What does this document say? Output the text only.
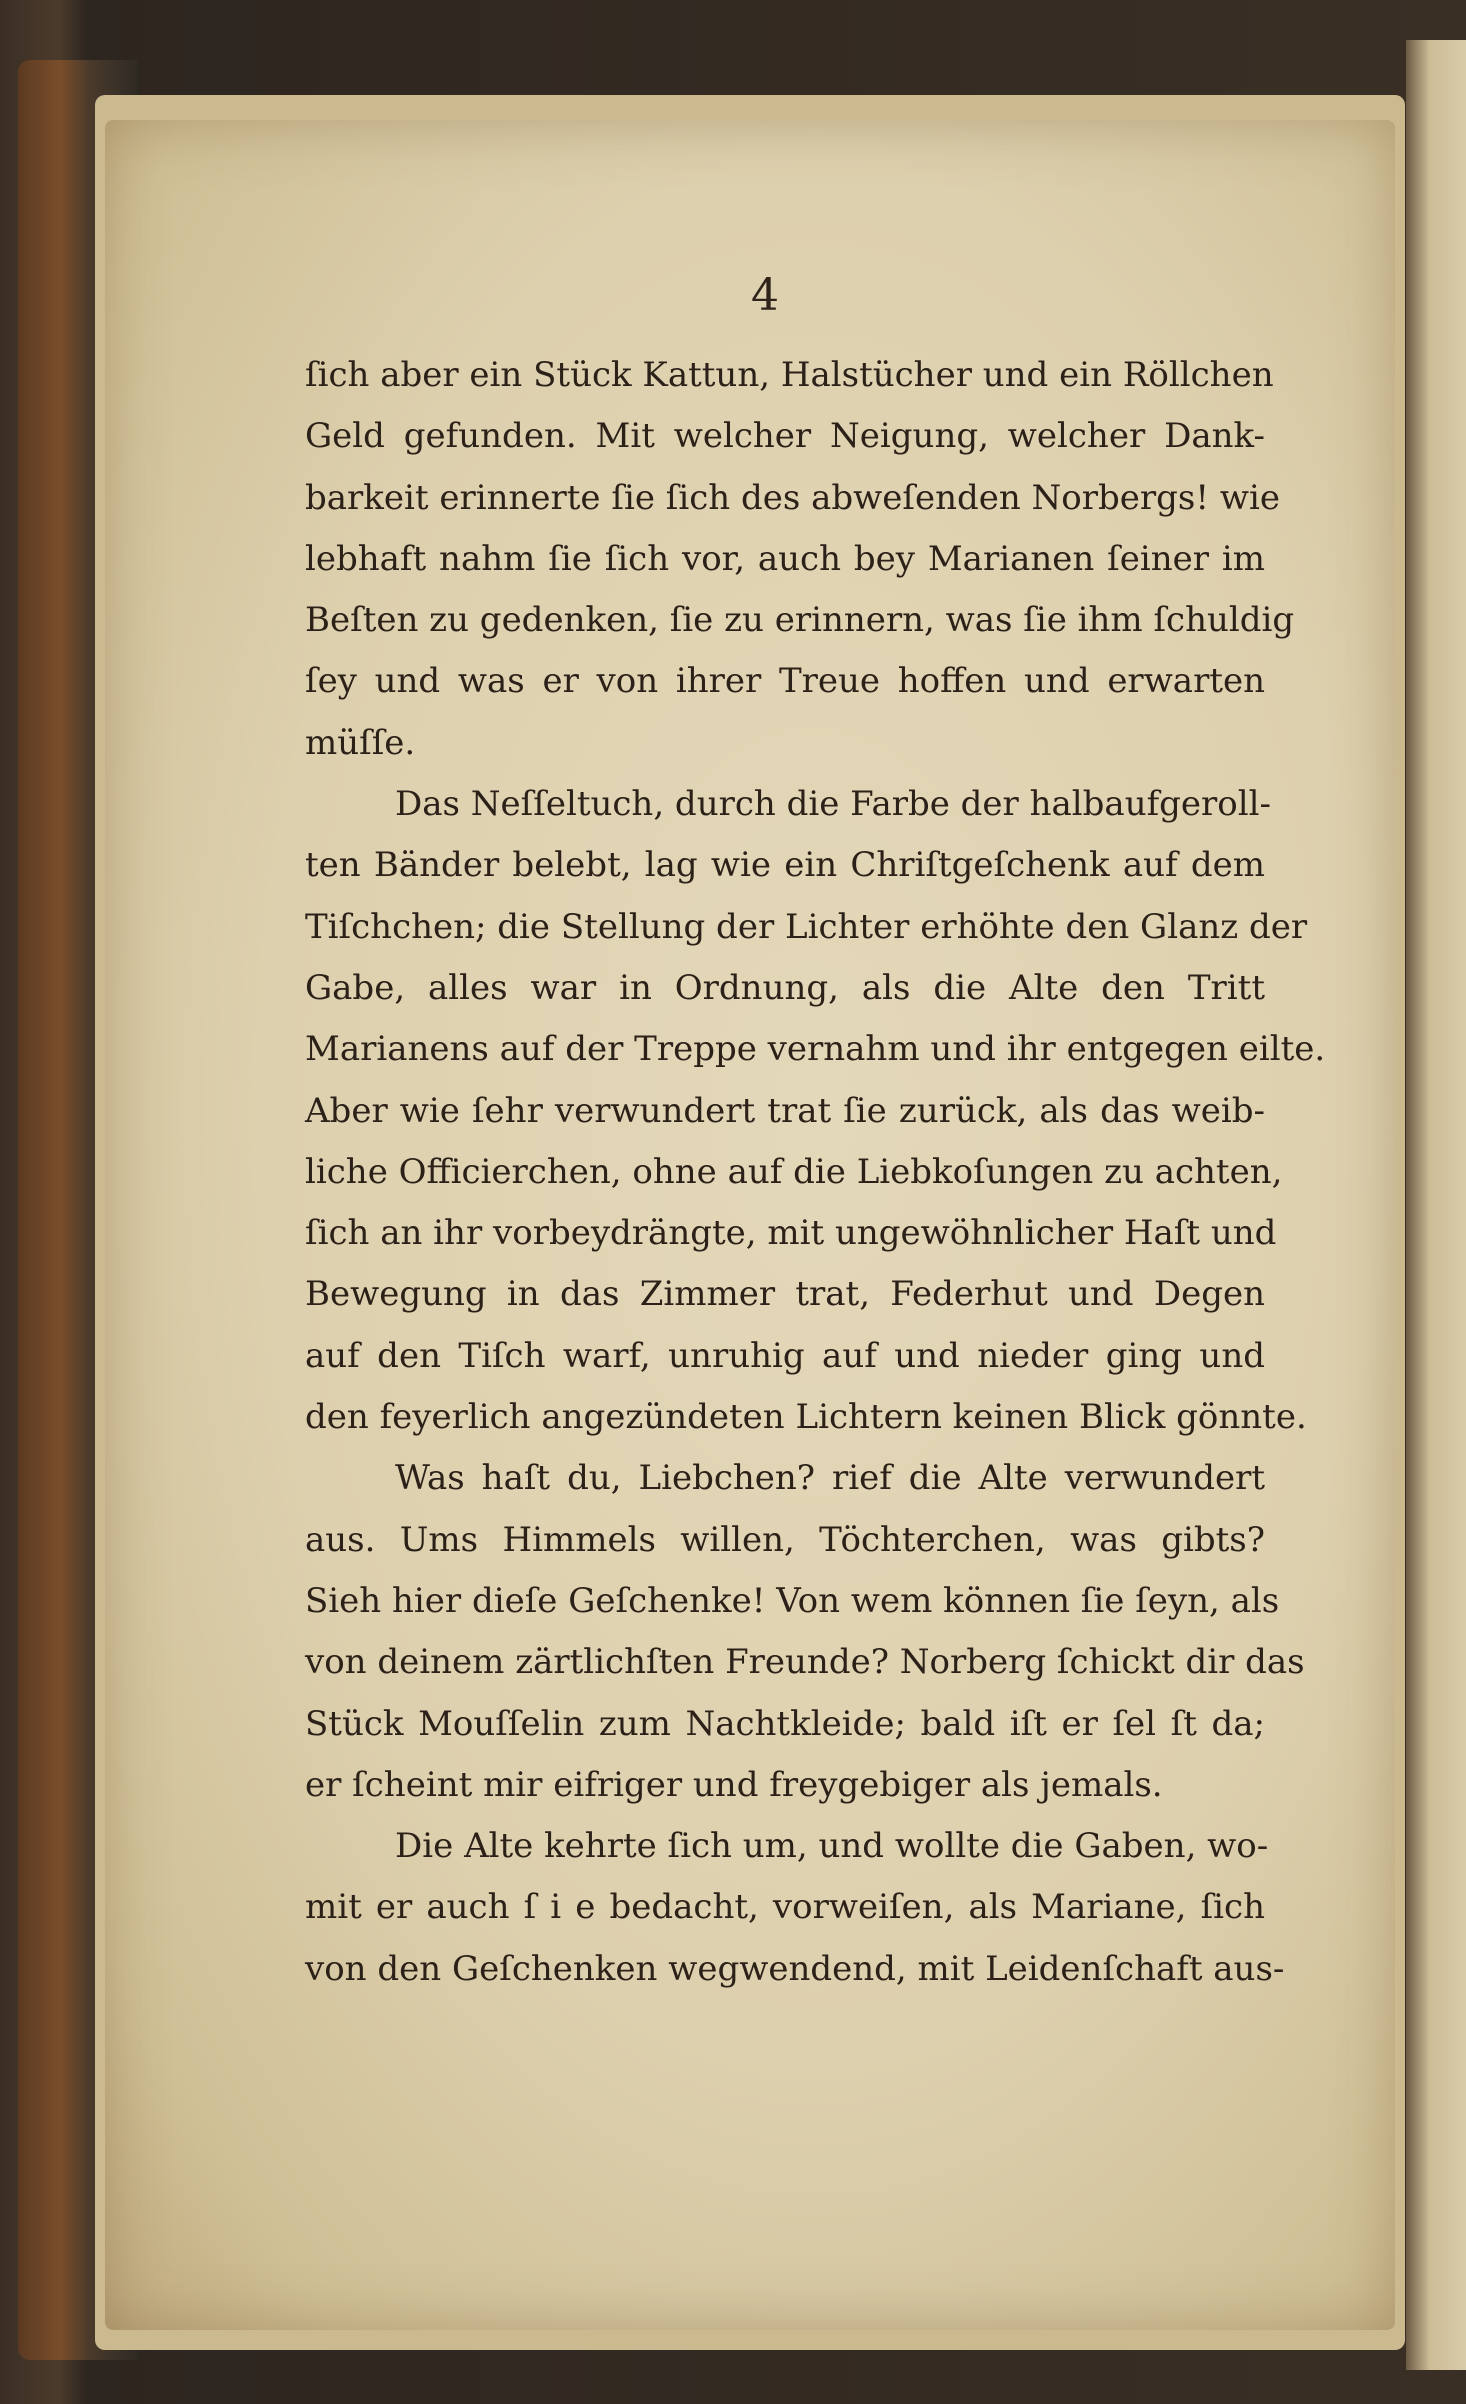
4
ſich aber ein Stück Kattun, Halstücher und ein Röllchen
Geld gefunden. Mit welcher Neigung, welcher Dank-
barkeit erinnerte ſie ſich des abweſenden Norbergs! wie
lebhaft nahm ſie ſich vor, auch bey Marianen ſeiner im
Beſten zu gedenken, ſie zu erinnern, was ſie ihm ſchuldig
ſey und was er von ihrer Treue hoffen und erwarten
müſſe.
Das Neſſeltuch, durch die Farbe der halbaufgeroll-
ten Bänder belebt, lag wie ein Chriſtgeſchenk auf dem
Tiſchchen; die Stellung der Lichter erhöhte den Glanz der
Gabe, alles war in Ordnung, als die Alte den Tritt
Marianens auf der Treppe vernahm und ihr entgegen eilte.
Aber wie ſehr verwundert trat ſie zurück, als das weib-
liche Officierchen, ohne auf die Liebkoſungen zu achten,
ſich an ihr vorbeydrängte, mit ungewöhnlicher Haſt und
Bewegung in das Zimmer trat, Federhut und Degen
auf den Tiſch warf, unruhig auf und nieder ging und
den feyerlich angezündeten Lichtern keinen Blick gönnte.
Was haſt du, Liebchen? rief die Alte verwundert
aus. Ums Himmels willen, Töchterchen, was gibts?
Sieh hier dieſe Geſchenke! Von wem können ſie ſeyn, als
von deinem zärtlichſten Freunde? Norberg ſchickt dir das
Stück Mouſſelin zum Nachtkleide; bald iſt er ſel ſt da;
er ſcheint mir eifriger und freygebiger als jemals.
Die Alte kehrte ſich um, und wollte die Gaben, wo-
mit er auch ſ i e bedacht, vorweiſen, als Mariane, ſich
von den Geſchenken wegwendend, mit Leidenſchaft aus-
